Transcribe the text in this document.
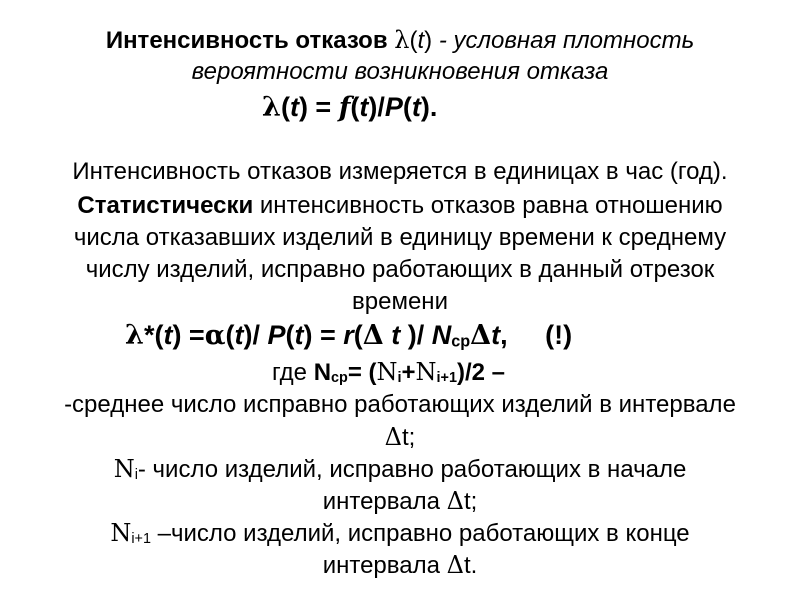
Интенсивность отказов λ(t) - условная плотность
вероятности возникновения отказа
λ(t) = f(t)/P(t).
Интенсивность отказов измеряется в единицах в час (год).
Статистически интенсивность отказов равна отношению
числа отказавших изделий в единицу времени к среднему
числу изделий, исправно работающих в данный отрезок
времени
λ*(t) =α(t)/ P(t) = r(Δ t )/ $N_{ср}\Delta t$, (!)
где $N_{ср}= (N_i+N_{i+1})/2$ –
-среднее число исправно работающих изделий в интервале
Δt;
$N_i-$ число изделий, исправно работающих в начале
интервала Δt;
$N_{i+1}$ –число изделий, исправно работающих в конце
интервала Δt.
